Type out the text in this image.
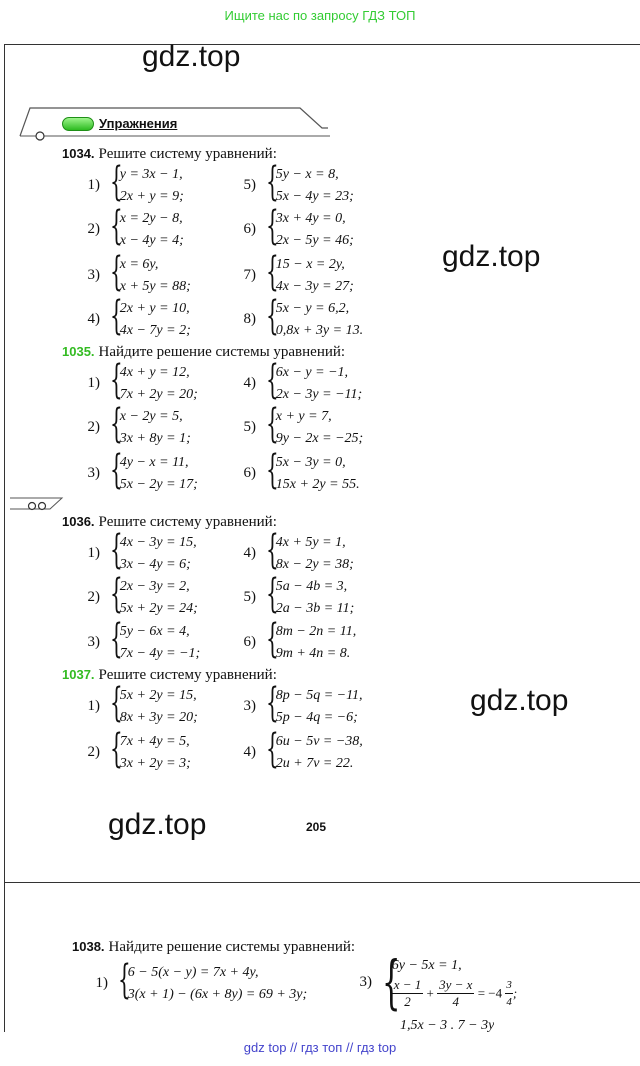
Ищите нас по запросу ГДЗ ТОП
gdz.top
gdz.top
gdz.top
gdz.top
Упражнения
1034. Решите систему уравнений:
1) {
y = 3x − 1,
2x + y = 9;
5) {
5y − x = 8,
5x − 4y = 23;
2) {
x = 2y − 8,
x − 4y = 4;
6) {
3x + 4y = 0,
2x − 5y = 46;
3) {
x = 6y,
x + 5y = 88;
7) {
15 − x = 2y,
4x − 3y = 27;
4) {
2x + y = 10,
4x − 7y = 2;
8) {
5x − y = 6,2,
0,8x + 3y = 13.
1035. Найдите решение системы уравнений:
1) {
4x + y = 12,
7x + 2y = 20;
4) {
6x − y = −1,
2x − 3y = −11;
2) {
x − 2y = 5,
3x + 8y = 1;
5) {
x + y = 7,
9y − 2x = −25;
3) {
4y − x = 11,
5x − 2y = 17;
6) {
5x − 3y = 0,
15x + 2y = 55.
1036. Решите систему уравнений:
1) {
4x − 3y = 15,
3x − 4y = 6;
4) {
4x + 5y = 1,
8x − 2y = 38;
2) {
2x − 3y = 2,
5x + 2y = 24;
5) {
5a − 4b = 3,
2a − 3b = 11;
3) {
5y − 6x = 4,
7x − 4y = −1;
6) {
8m − 2n = 11,
9m + 4n = 8.
1037. Решите систему уравнений:
1) {
5x + 2y = 15,
8x + 3y = 20;
3) {
8p − 5q = −11,
5p − 4q = −6;
2) {
7x + 4y = 5,
3x + 2y = 3;
4) {
6u − 5v = −38,
2u + 7v = 22.
205
1038. Найдите решение системы уравнений:
1) {
6 − 5(x − y) = 7x + 4y,
3(x + 1) − (6x + 8y) = 69 + 3y;
3) {
6y − 5x = 1,
$\frac{x - 1}{2} + \frac{3y - x}{4} = -4 \frac{3}{4}$ ;
1,5x − 3 . 7 − 3y
gdz top // гдз топ // гдз top
